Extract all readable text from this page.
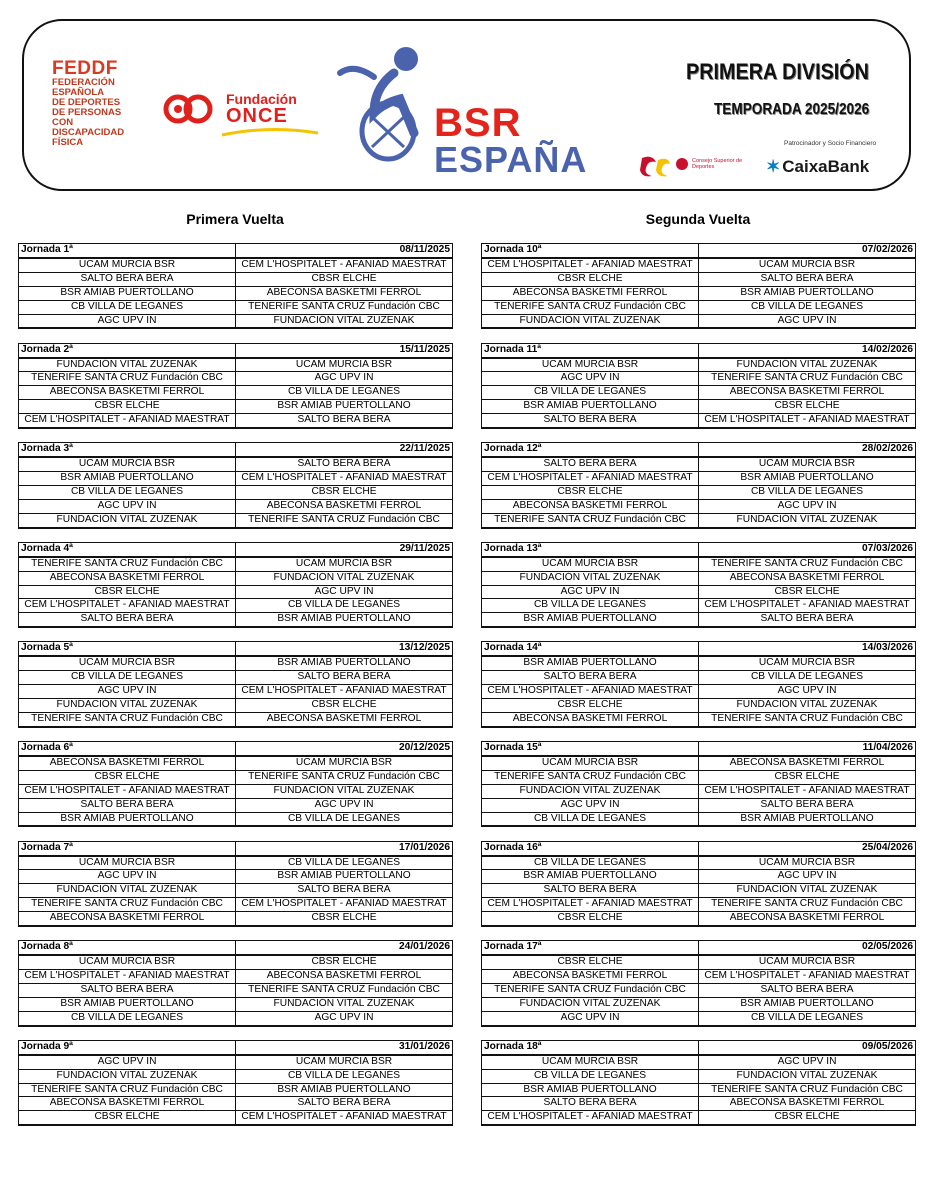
FEDDF
FEDERACIÓN
ESPAÑOLA
DE DEPORTES
DE PERSONAS CON
DISCAPACIDAD
FÍSICA
Fundación
ONCE	BSR
ESPAÑA
PRIMERA DIVISIÓN
TEMPORADA 2025/2026
Patrocinador y Socio Financiero
Consejo Superior de Deportes	✶ CaixaBank
Primera Vuelta	Segunda Vuelta
Jornada 1ª	08/11/2025
UCAM MURCIA BSR	CEM L'HOSPITALET - AFANIAD MAESTRAT
SALTO BERA BERA	CBSR ELCHE
BSR AMIAB PUERTOLLANO	ABECONSA BASKETMI FERROL
CB VILLA DE LEGANÉS	TENERIFE SANTA CRUZ Fundación CBC
AGC UPV IN	FUNDACIÓN VITAL ZUZENAK
Jornada 2ª	15/11/2025
FUNDACIÓN VITAL ZUZENAK	UCAM MURCIA BSR
TENERIFE SANTA CRUZ Fundación CBC	AGC UPV IN
ABECONSA BASKETMI FERROL	CB VILLA DE LEGANÉS
CBSR ELCHE	BSR AMIAB PUERTOLLANO
CEM L'HOSPITALET - AFANIAD MAESTRAT	SALTO BERA BERA
Jornada 3ª	22/11/2025
UCAM MURCIA BSR	SALTO BERA BERA
BSR AMIAB PUERTOLLANO	CEM L'HOSPITALET - AFANIAD MAESTRAT
CB VILLA DE LEGANÉS	CBSR ELCHE
AGC UPV IN	ABECONSA BASKETMI FERROL
FUNDACIÓN VITAL ZUZENAK	TENERIFE SANTA CRUZ Fundación CBC
Jornada 4ª	29/11/2025
TENERIFE SANTA CRUZ Fundación CBC	UCAM MURCIA BSR
ABECONSA BASKETMI FERROL	FUNDACIÓN VITAL ZUZENAK
CBSR ELCHE	AGC UPV IN
CEM L'HOSPITALET - AFANIAD MAESTRAT	CB VILLA DE LEGANÉS
SALTO BERA BERA	BSR AMIAB PUERTOLLANO
Jornada 5ª	13/12/2025
UCAM MURCIA BSR	BSR AMIAB PUERTOLLANO
CB VILLA DE LEGANÉS	SALTO BERA BERA
AGC UPV IN	CEM L'HOSPITALET - AFANIAD MAESTRAT
FUNDACIÓN VITAL ZUZENAK	CBSR ELCHE
TENERIFE SANTA CRUZ Fundación CBC	ABECONSA BASKETMI FERROL
Jornada 6ª	20/12/2025
ABECONSA BASKETMI FERROL	UCAM MURCIA BSR
CBSR ELCHE	TENERIFE SANTA CRUZ Fundación CBC
CEM L'HOSPITALET - AFANIAD MAESTRAT	FUNDACIÓN VITAL ZUZENAK
SALTO BERA BERA	AGC UPV IN
BSR AMIAB PUERTOLLANO	CB VILLA DE LEGANÉS
Jornada 7ª	17/01/2026
UCAM MURCIA BSR	CB VILLA DE LEGANÉS
AGC UPV IN	BSR AMIAB PUERTOLLANO
FUNDACIÓN VITAL ZUZENAK	SALTO BERA BERA
TENERIFE SANTA CRUZ Fundación CBC	CEM L'HOSPITALET - AFANIAD MAESTRAT
ABECONSA BASKETMI FERROL	CBSR ELCHE
Jornada 8ª	24/01/2026
UCAM MURCIA BSR	CBSR ELCHE
CEM L'HOSPITALET - AFANIAD MAESTRAT	ABECONSA BASKETMI FERROL
SALTO BERA BERA	TENERIFE SANTA CRUZ Fundación CBC
BSR AMIAB PUERTOLLANO	FUNDACIÓN VITAL ZUZENAK
CB VILLA DE LEGANÉS	AGC UPV IN
Jornada 9ª	31/01/2026
AGC UPV IN	UCAM MURCIA BSR
FUNDACIÓN VITAL ZUZENAK	CB VILLA DE LEGANÉS
TENERIFE SANTA CRUZ Fundación CBC	BSR AMIAB PUERTOLLANO
ABECONSA BASKETMI FERROL	SALTO BERA BERA
CBSR ELCHE	CEM L'HOSPITALET - AFANIAD MAESTRAT
Jornada 10ª	07/02/2026
CEM L'HOSPITALET - AFANIAD MAESTRAT	UCAM MURCIA BSR
CBSR ELCHE	SALTO BERA BERA
ABECONSA BASKETMI FERROL	BSR AMIAB PUERTOLLANO
TENERIFE SANTA CRUZ Fundación CBC	CB VILLA DE LEGANÉS
FUNDACIÓN VITAL ZUZENAK	AGC UPV IN
Jornada 11ª	14/02/2026
UCAM MURCIA BSR	FUNDACIÓN VITAL ZUZENAK
AGC UPV IN	TENERIFE SANTA CRUZ Fundación CBC
CB VILLA DE LEGANÉS	ABECONSA BASKETMI FERROL
BSR AMIAB PUERTOLLANO	CBSR ELCHE
SALTO BERA BERA	CEM L'HOSPITALET - AFANIAD MAESTRAT
Jornada 12ª	28/02/2026
SALTO BERA BERA	UCAM MURCIA BSR
CEM L'HOSPITALET - AFANIAD MAESTRAT	BSR AMIAB PUERTOLLANO
CBSR ELCHE	CB VILLA DE LEGANÉS
ABECONSA BASKETMI FERROL	AGC UPV IN
TENERIFE SANTA CRUZ Fundación CBC	FUNDACIÓN VITAL ZUZENAK
Jornada 13ª	07/03/2026
UCAM MURCIA BSR	TENERIFE SANTA CRUZ Fundación CBC
FUNDACIÓN VITAL ZUZENAK	ABECONSA BASKETMI FERROL
AGC UPV IN	CBSR ELCHE
CB VILLA DE LEGANÉS	CEM L'HOSPITALET - AFANIAD MAESTRAT
BSR AMIAB PUERTOLLANO	SALTO BERA BERA
Jornada 14ª	14/03/2026
BSR AMIAB PUERTOLLANO	UCAM MURCIA BSR
SALTO BERA BERA	CB VILLA DE LEGANÉS
CEM L'HOSPITALET - AFANIAD MAESTRAT	AGC UPV IN
CBSR ELCHE	FUNDACIÓN VITAL ZUZENAK
ABECONSA BASKETMI FERROL	TENERIFE SANTA CRUZ Fundación CBC
Jornada 15ª	11/04/2026
UCAM MURCIA BSR	ABECONSA BASKETMI FERROL
TENERIFE SANTA CRUZ Fundación CBC	CBSR ELCHE
FUNDACIÓN VITAL ZUZENAK	CEM L'HOSPITALET - AFANIAD MAESTRAT
AGC UPV IN	SALTO BERA BERA
CB VILLA DE LEGANÉS	BSR AMIAB PUERTOLLANO
Jornada 16ª	25/04/2026
CB VILLA DE LEGANÉS	UCAM MURCIA BSR
BSR AMIAB PUERTOLLANO	AGC UPV IN
SALTO BERA BERA	FUNDACIÓN VITAL ZUZENAK
CEM L'HOSPITALET - AFANIAD MAESTRAT	TENERIFE SANTA CRUZ Fundación CBC
CBSR ELCHE	ABECONSA BASKETMI FERROL
Jornada 17ª	02/05/2026
CBSR ELCHE	UCAM MURCIA BSR
ABECONSA BASKETMI FERROL	CEM L'HOSPITALET - AFANIAD MAESTRAT
TENERIFE SANTA CRUZ Fundación CBC	SALTO BERA BERA
FUNDACIÓN VITAL ZUZENAK	BSR AMIAB PUERTOLLANO
AGC UPV IN	CB VILLA DE LEGANÉS
Jornada 18ª	09/05/2026
UCAM MURCIA BSR	AGC UPV IN
CB VILLA DE LEGANÉS	FUNDACIÓN VITAL ZUZENAK
BSR AMIAB PUERTOLLANO	TENERIFE SANTA CRUZ Fundación CBC
SALTO BERA BERA	ABECONSA BASKETMI FERROL
CEM L'HOSPITALET - AFANIAD MAESTRAT	CBSR ELCHE
